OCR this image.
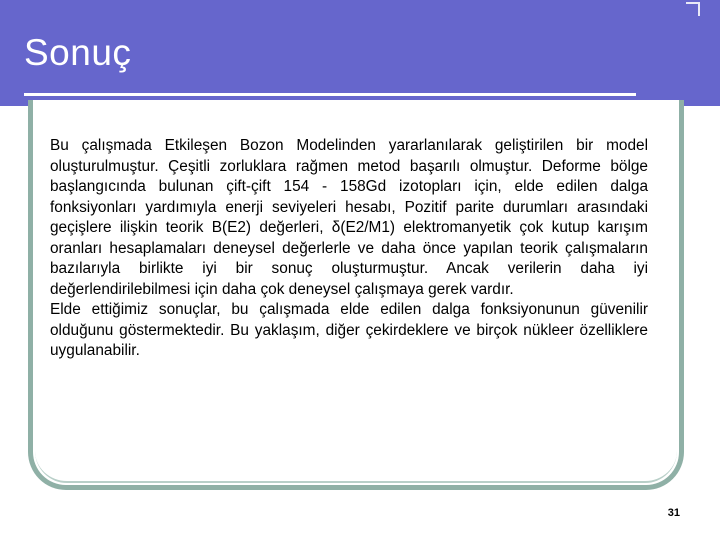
Sonuç

Bu çalışmada Etkileşen Bozon Modelinden yararlanılarak geliştirilen bir model oluşturulmuştur. Çeşitli zorluklara rağmen metod başarılı olmuştur. Deforme bölge başlangıcında bulunan çift-çift 154 - 158Gd izotopları için, elde edilen dalga fonksiyonları yardımıyla enerji seviyeleri hesabı, Pozitif parite durumları arasındaki geçişlere ilişkin teorik B(E2) değerleri, δ(E2/M1) elektromanyetik çok kutup karışım oranları hesaplamaları deneysel değerlerle ve daha önce yapılan teorik çalışmaların bazılarıyla birlikte iyi bir sonuç oluşturmuştur. Ancak verilerin daha iyi değerlendirilebilmesi için daha çok deneysel çalışmaya gerek vardır.

Elde ettiğimiz sonuçlar, bu çalışmada elde edilen dalga fonksiyonunun güvenilir olduğunu göstermektedir. Bu yaklaşım, diğer çekirdeklere ve birçok nükleer özelliklere uygulanabilir.

31
